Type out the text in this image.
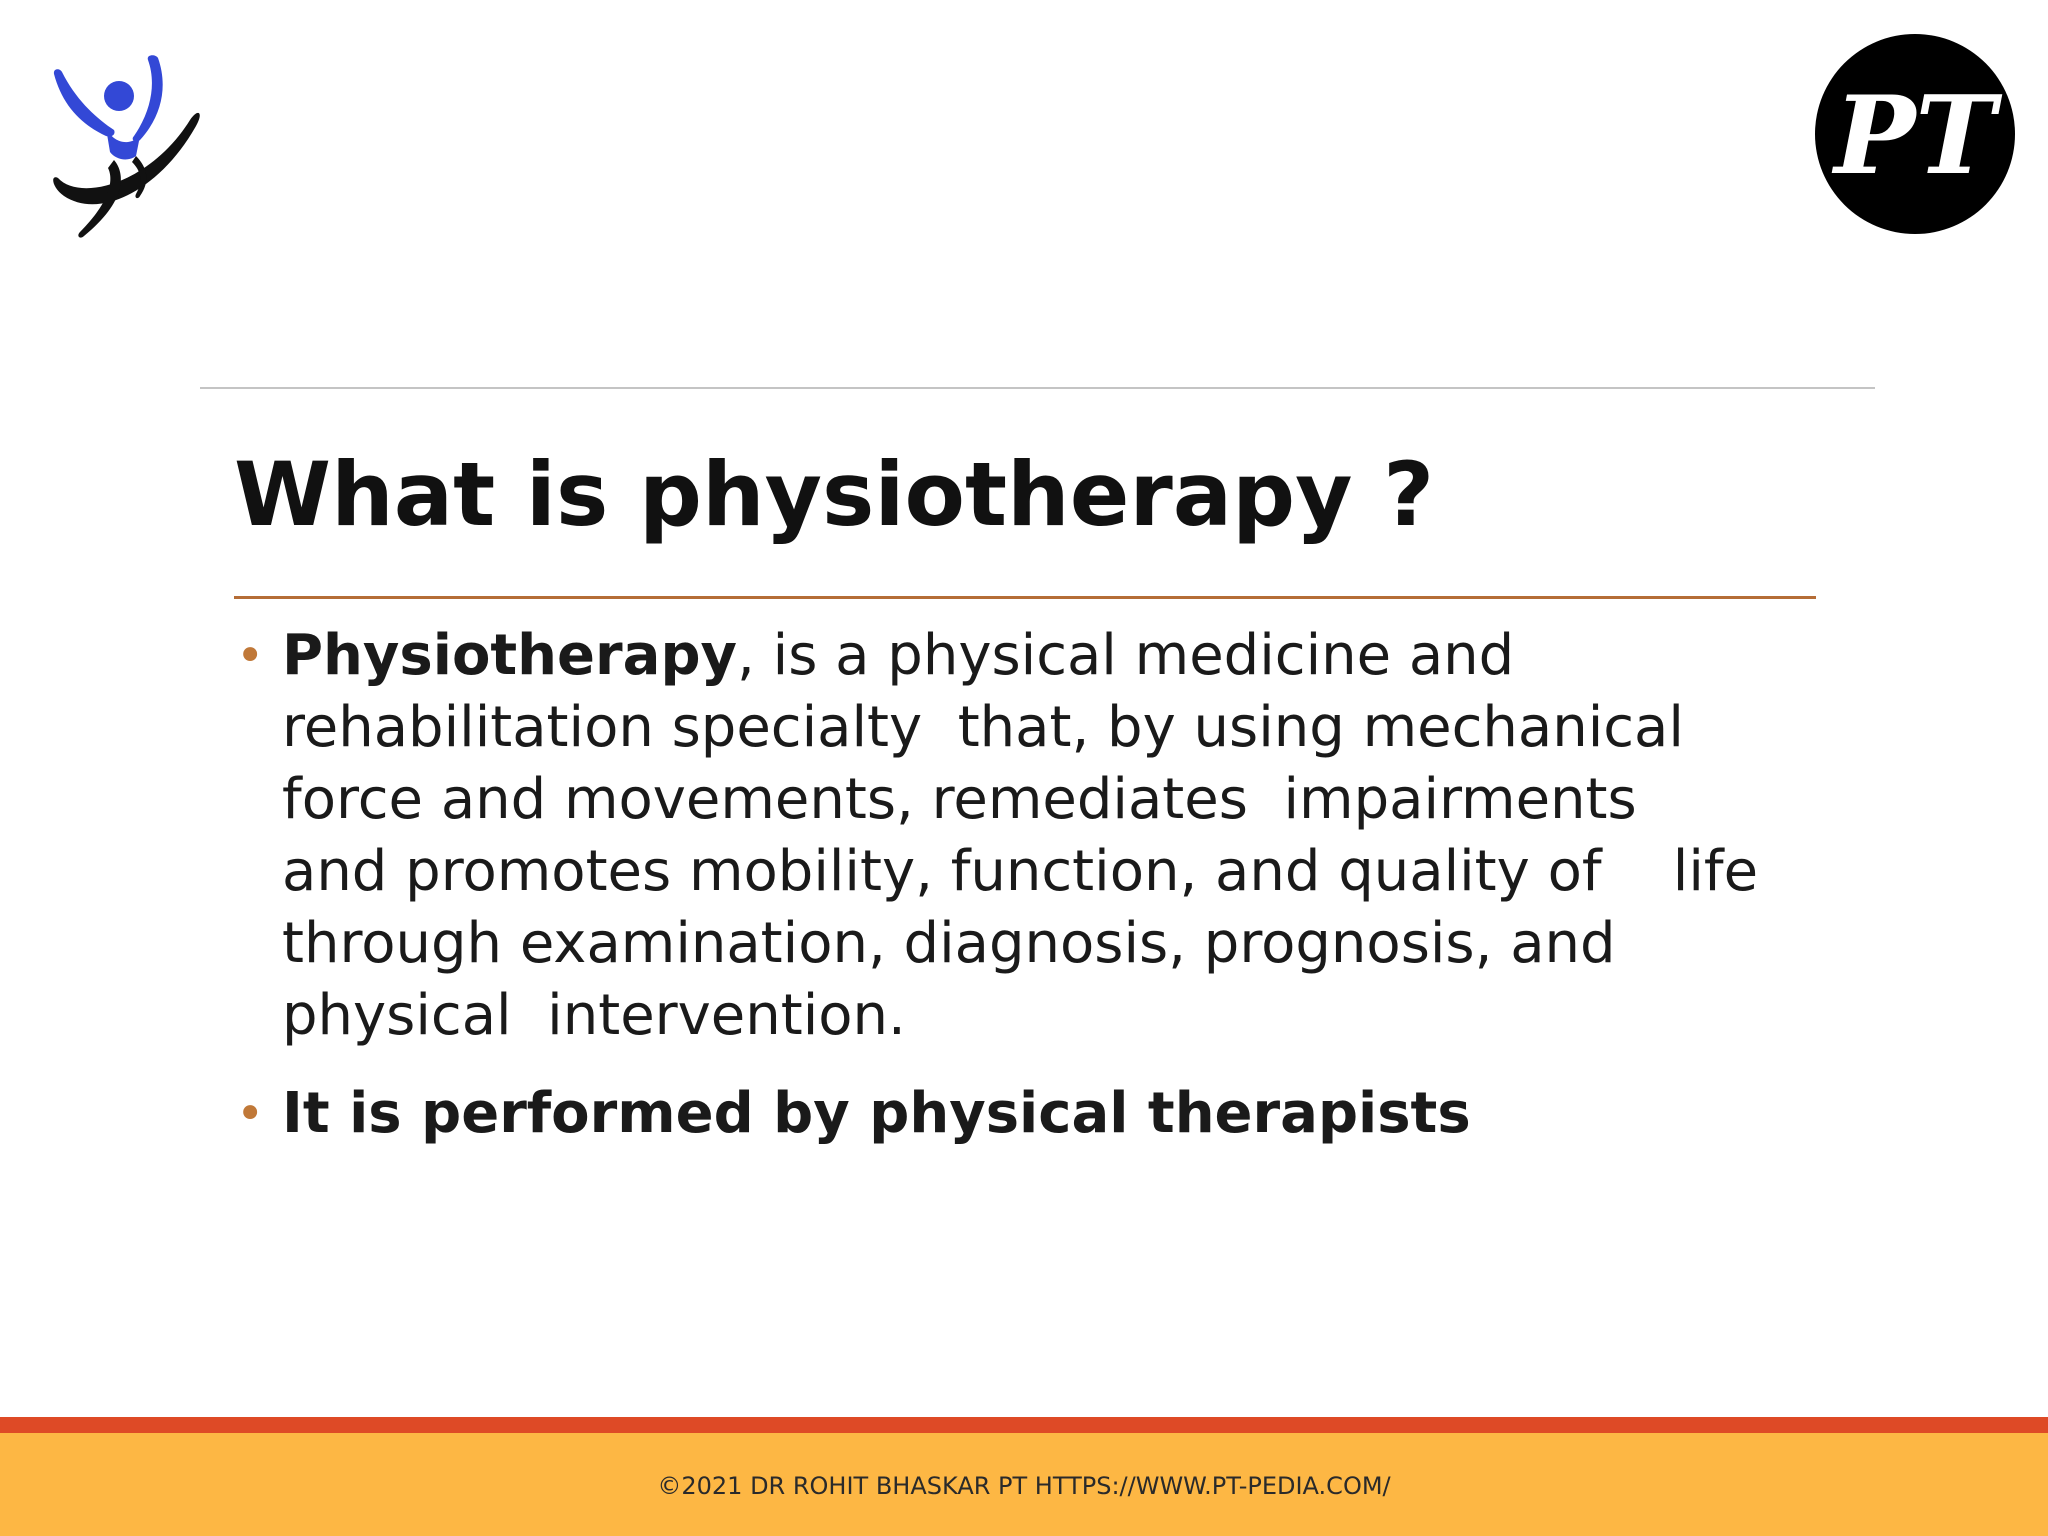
PT
What is physiotherapy ?
• Physiotherapy, is a physical medicine and
rehabilitation specialty  that, by using mechanical
force and movements, remediates  impairments
and promotes mobility, function, and quality of    life
through examination, diagnosis, prognosis, and
physical  intervention.
• It is performed by physical therapists
©2021 DR ROHIT BHASKAR PT HTTPS://WWW.PT-PEDIA.COM/
